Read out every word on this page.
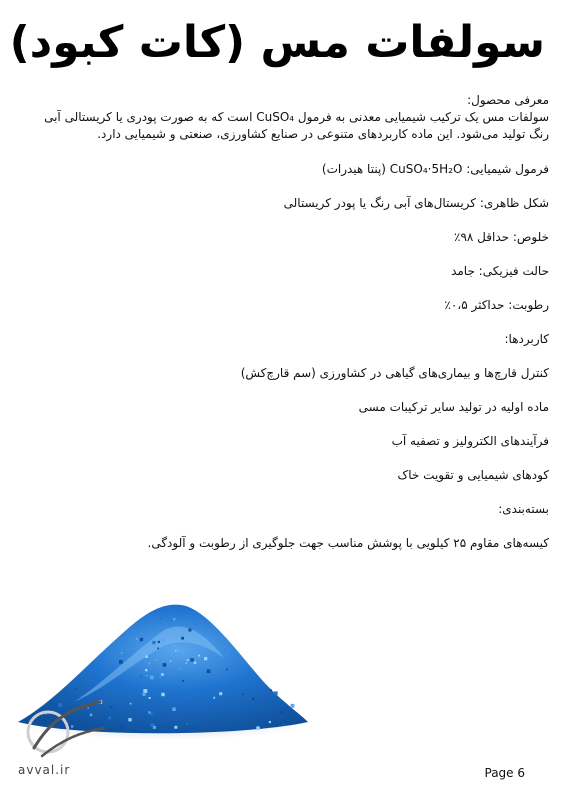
سولفات مس (کات کبود)

معرفی محصول:
سولفات مس یک ترکیب شیمیایی معدنی به فرمول CuSO₄ است که به صورت پودری یا کریستالی آبی
رنگ تولید می‌شود. این ماده کاربردهای متنوعی در صنایع کشاورزی، صنعتی و شیمیایی دارد.

فرمول شیمیایی: CuSO₄·5H₂O (پنتا هیدرات)

شکل ظاهری: کریستال‌های آبی رنگ یا پودر کریستالی

خلوص: حداقل ۹۸٪

حالت فیزیکی: جامد

رطوبت: حداکثر ۰،۵٪

کاربردها:

کنترل قارچ‌ها و بیماری‌های گیاهی در کشاورزی (سم قارچ‌کش)

ماده اولیه در تولید سایر ترکیبات مسی

فرآیندهای الکترولیز و تصفیه آب

کودهای شیمیایی و تقویت خاک

بسته‌بندی:

کیسه‌های مقاوم ۲۵ کیلویی با پوشش مناسب جهت جلوگیری از رطوبت و آلودگی.

avval.ir	Page 6
